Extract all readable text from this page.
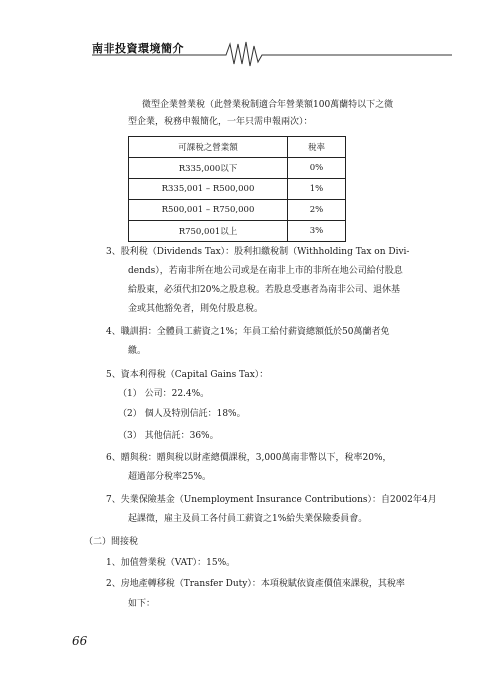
南非投資環境簡介
微型企業營業稅（此營業稅制適合年營業額100萬蘭特以下之微
型企業，稅務申報簡化，一年只需申報兩次）：
可課稅之營業額	稅率
R335,000以下	0%
R335,001 – R500,000	1%
R500,001 – R750,000	2%
R750,001以上	3%
3、股利稅（Dividends Tax）：股利扣繳稅制（Withholding Tax on Divi-
dends），若南非所在地公司或是在南非上市的非所在地公司給付股息
給股東，必須代扣20%之股息稅。若股息受惠者為南非公司、退休基
金或其他豁免者，則免付股息稅。
4、職訓捐：全體員工薪資之1%；年員工給付薪資總額低於50萬蘭者免
繳。
5、資本利得稅（Capital Gains Tax）：
（1） 公司：22.4%。
（2） 個人及特別信託：18%。
（3） 其他信託：36%。
6、贈與稅：贈與稅以財產總價課稅，3,000萬南非幣以下，稅率20%，
超過部分稅率25%。
7、失業保險基金（Unemployment Insurance Contributions）：自2002年4月
起課徵，雇主及員工各付員工薪資之1%給失業保險委員會。
（二）間接稅
1、加值營業稅（VAT）：15%。
2、房地產轉移稅（Transfer Duty）：本項稅賦依資產價值來課稅，其稅率
如下：
66
